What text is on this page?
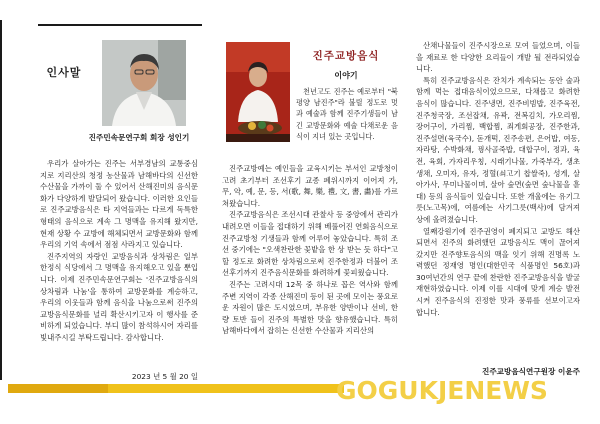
인사말
진주민속문연구회 회장 성인기

우리가 살아가는 진주는 서부경남의 교통중심지로 지리산의 청정 농산물과 남해바다의 신선한 수산물을 가까이 둘 수 있어서 산해진미의 음식문화가 다양하게 발달되어 왔습니다. 이러한 요인들로 진주교방음식은 타 지역들과는 다르게 독특한 형태의 음식으로 계속 그 명맥을 유지해 왔지만, 현재 상황 수 교방에 해체되면서 교방문화와 함께 우리의 기억 속에서 점점 사라지고 있습니다.

진주지역의 자랑인 교방음식과 상차림은 일부 한정식 식당에서 그 명맥을 유지해오고 있을 뿐입니다. 이제 진주민속문연구회는 '진주교방음식의 상차림과 나눔'을 통하여 교방문화를 계승하고, 우리의 이웃들과 함께 음식을 나눔으로써 진주의 교방음식문화를 널리 확산시키고자 이 행사를 준비하게 되었습니다. 부디 많이 참석하시어 자리를 빛내주시길 부탁드립니다. 감사합니다.

2023 년 5 월 20 일
진주교방음식
이야기

천년고도 진주는 예로부터 "북평양 남진주"라 불릴 정도로 멋과 예술과 함께 진주기생들이 남긴 교방문화와 예술 다채로운 음식이 지녀 있는 곳입니다.

진주교방예는 예인들을 교육시키는 부서인 교방청이 고려 초기부터 조선후기 교종 폐위시까지 이어져 가, 무, 악, 예, 문, 등, 서(歌, 舞, 樂, 禮, 文, 書, 畵)를 가르쳐왔습니다.

진주교방음식은 조선시대 관찰사 등 중앙에서 관리가 내려오면 이들을 접대하기 위해 베풀어진 연회음식으로 진주교방청 기생들과 함께 어루어 놓았습니다. 특히 조선 중기에는 "오색찬란한 꽃밭을 한 상 받는 듯 하다"고 할 정도로 화려한 상차림으로써 진주한정과 더불어 조선후기까지 진주음식문화를 화려하게 꽃피웠습니다.

진주는 고려시대 12목 중 하나로 꼽은 역사와 함께 주변 지역이 각종 산해진미 등이 된 곳에 모이는 풍요로운 자원이 많은 도시였으며, 부유한 양반이나 선비, 한량 토반 들이 진주의 특별한 맛을 향유했습니다. 특히 남해바다에서 잡히는 신선한 수산물과 지리산의

산채나물들이 진주시장으로 모여 들었으며, 이들을 재료로 한 다양한 요리들이 개발 될 전라되었습니다.

특히 진주교방음식은 잔치가 계속되는 동안 술과 함께 먹는 접대음식이었으므로, 다채롭고 화려한 음식이 많습니다. 진주냉면, 진주비빔밥, 진주육전, 진주청국장, 조선잡채, 유곽, 전복김치, 가오리찜, 장어구이, 가리찜, 백합찜, 죄게회공장, 진주한과, 진주설면(육국수), 돋개떡, 진주송편, 은어밥, 여동, 자라탕, 수박화채, 꿩사골죽밥, 대합구이, 정과, 육전, 육회, 가자리우칭, 시래기나물, 가죽부각, 생초생채, 오미자, 유자, 정혈(쇠고기 찹쌀죽), 성게, 살아가사, 무미나물이며, 살아 숲면(숲면 숲나물을 흩대) 등의 음식들이 있습니다. 또한 개울에는 유기그릇(노고목)에, 여름에는 사기그릇(백사)에 담겨져 상에 올려졌습니다.

열째강원기에 진주권영이 폐지되고 교방도 해산되면서 진주의 화려했던 교방음식도 맥이 끊어져 갔지만 진주향토음식의 맥을 잇기 위해 진명록 노력했던 정재영 명인(대한민국 식품명인 56호)과 30여년간의 연구 끝에 찬란한 진주교방음식을 발굴 재현하였습니다. 이제 이를 시대에 맞게 계승 발전시켜 진주음식의 진정한 맛과 풍류를 선보이고자 합니다.

진주교방음식연구원장 이윤주
GOGUKJENEWS
